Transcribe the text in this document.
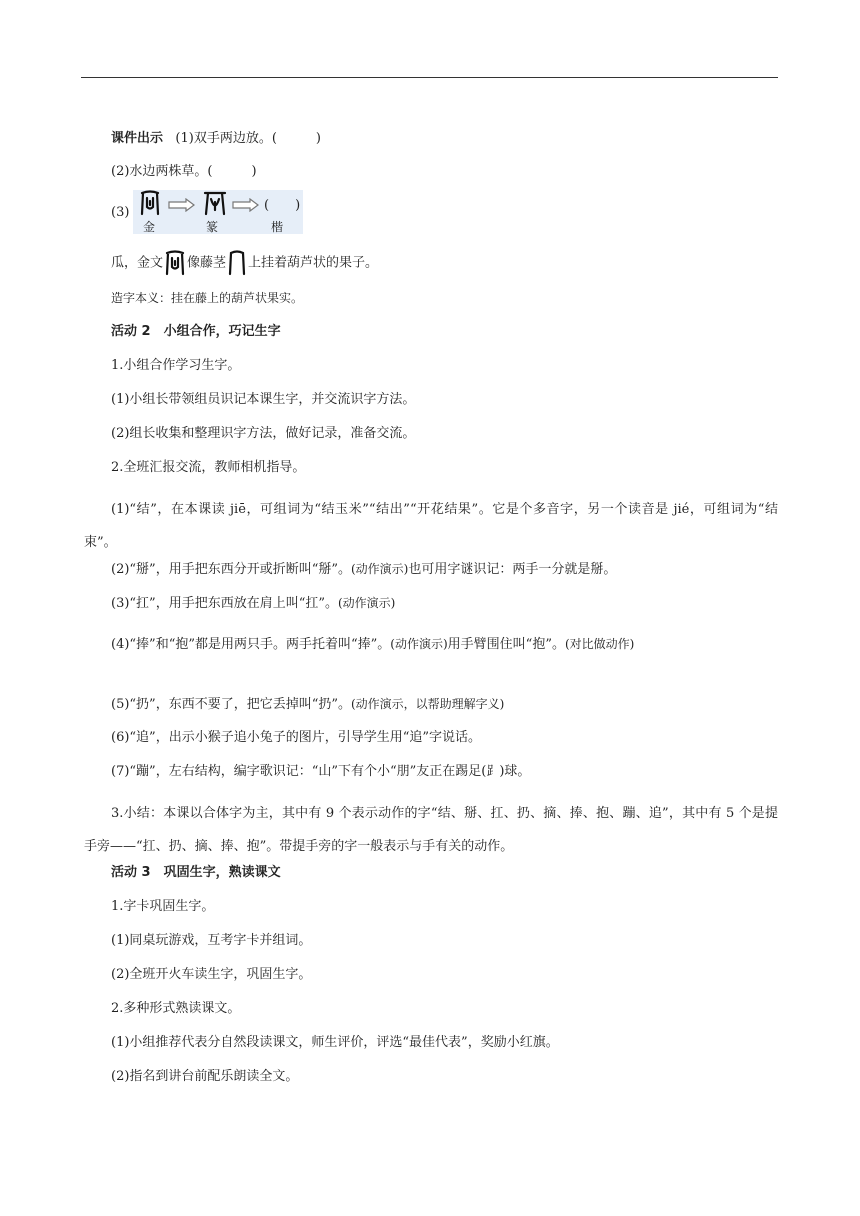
课件出示 (1)双手两边放。(　　　)
(2)水边两株草。(　　　)
(3)	(　　)
金	篆	楷
瓜，金文 像藤茎 上挂着葫芦状的果子。
造字本义：挂在藤上的葫芦状果实。
活动 2　小组合作，巧记生字
1.小组合作学习生字。
(1)小组长带领组员识记本课生字，并交流识字方法。
(2)组长收集和整理识字方法，做好记录，准备交流。
2.全班汇报交流，教师相机指导。
(1)“结”，在本课读 jiē，可组词为“结玉米”“结出”“开花结果”。它是个多音字，另一个读音是 jié，可组词为“结束”。
(2)“掰”，用手把东西分开或折断叫“掰”。(动作演示)也可用字谜识记：两手一分就是掰。
(3)“扛”，用手把东西放在肩上叫“扛”。(动作演示)
(4)“捧”和“抱”都是用两只手。两手托着叫“捧”。(动作演示)用手臂围住叫“抱”。(对比做动作)
(5)“扔”，东西不要了，把它丢掉叫“扔”。(动作演示，以帮助理解字义)
(6)“追”，出示小猴子追小兔子的图片，引导学生用“追”字说话。
(7)“蹦”，左右结构，编字歌识记：“山”下有个小“朋”友正在踢足(⻊)球。
3.小结：本课以合体字为主，其中有 9 个表示动作的字“结、掰、扛、扔、摘、捧、抱、蹦、追”，其中有 5 个是提手旁——“扛、扔、摘、捧、抱”。带提手旁的字一般表示与手有关的动作。
活动 3　巩固生字，熟读课文
1.字卡巩固生字。
(1)同桌玩游戏，互考字卡并组词。
(2)全班开火车读生字，巩固生字。
2.多种形式熟读课文。
(1)小组推荐代表分自然段读课文，师生评价，评选“最佳代表”，奖励小红旗。
(2)指名到讲台前配乐朗读全文。
